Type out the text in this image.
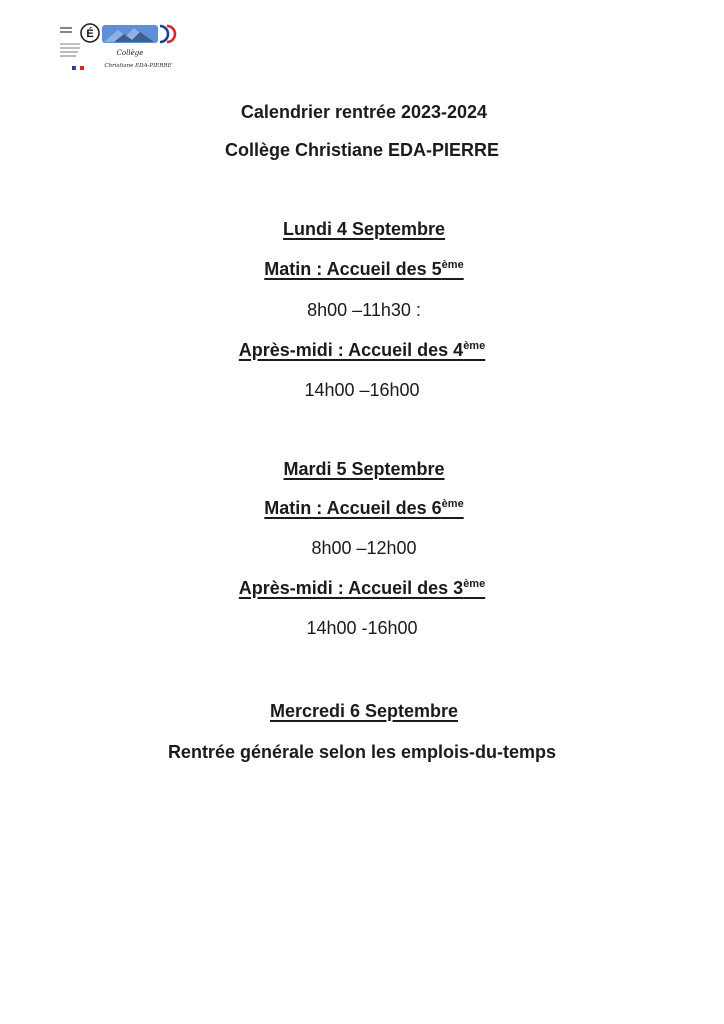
É
Collège
Christiane EDA-PIERRE
Calendrier rentrée 2023-2024
Collège Christiane EDA-PIERRE
Lundi 4 Septembre
Matin : Accueil des 5ème
8h00 –11h30 :
Après-midi : Accueil des 4ème
14h00 –16h00
Mardi 5 Septembre
Matin : Accueil des 6ème
8h00 –12h00
Après-midi : Accueil des 3ème
14h00 -16h00
Mercredi 6 Septembre
Rentrée générale selon les emplois-du-temps
